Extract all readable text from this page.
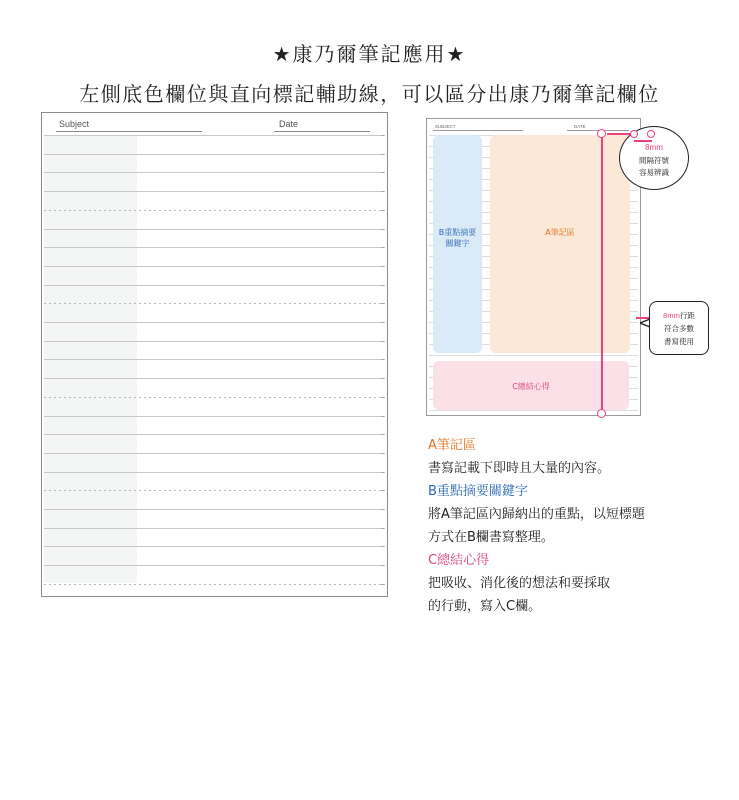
★康乃爾筆記應用★
左側底色欄位與直向標記輔助線，可以區分出康乃爾筆記欄位
Subject	Date	SUBJECT	DATE
B重點摘要
關鍵字
A筆記區
C總結心得
8mm
間隔符號
容易辨識
8mm行距
符合多數
書寫使用
A筆記區
書寫記載下即時且大量的內容。
B重點摘要關鍵字
將A筆記區內歸納出的重點，以短標題
方式在B欄書寫整理。
C總結心得
把吸收、消化後的想法和要採取
的行動，寫入C欄。
